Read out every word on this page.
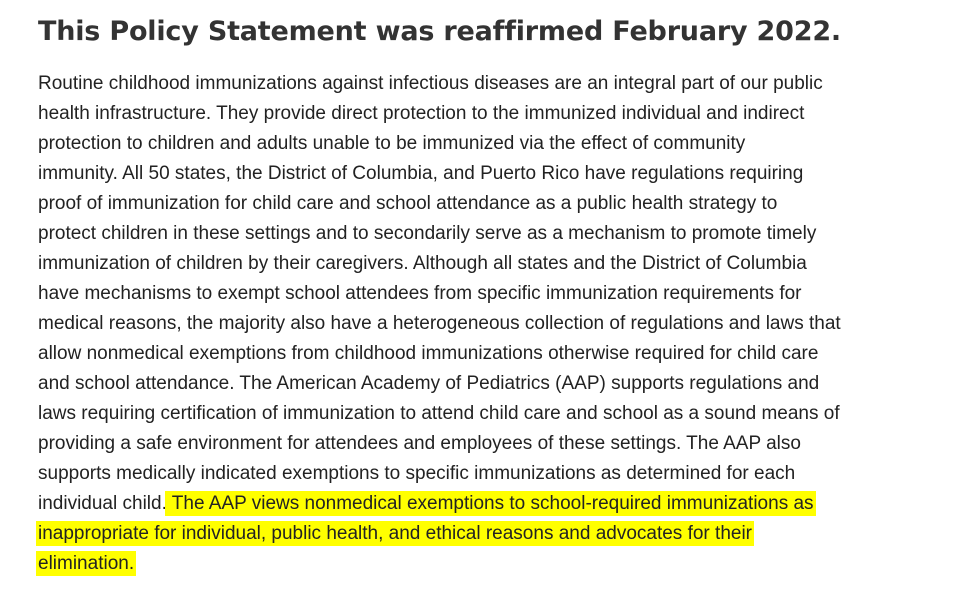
This Policy Statement was reaffirmed February 2022.

Routine childhood immunizations against infectious diseases are an integral part of our public
health infrastructure. They provide direct protection to the immunized individual and indirect
protection to children and adults unable to be immunized via the effect of community
immunity. All 50 states, the District of Columbia, and Puerto Rico have regulations requiring
proof of immunization for child care and school attendance as a public health strategy to
protect children in these settings and to secondarily serve as a mechanism to promote timely
immunization of children by their caregivers. Although all states and the District of Columbia
have mechanisms to exempt school attendees from specific immunization requirements for
medical reasons, the majority also have a heterogeneous collection of regulations and laws that
allow nonmedical exemptions from childhood immunizations otherwise required for child care
and school attendance. The American Academy of Pediatrics (AAP) supports regulations and
laws requiring certification of immunization to attend child care and school as a sound means of
providing a safe environment for attendees and employees of these settings. The AAP also
supports medically indicated exemptions to specific immunizations as determined for each
individual child. The AAP views nonmedical exemptions to school-required immunizations as
inappropriate for individual, public health, and ethical reasons and advocates for their
elimination.
